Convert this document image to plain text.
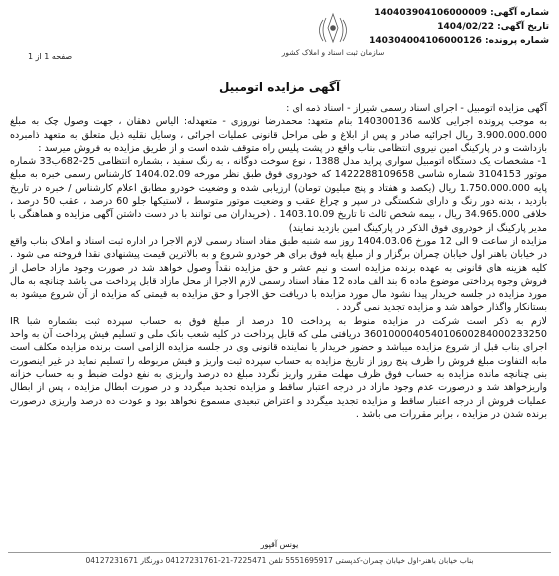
سازمان ثبت اسناد و املاک کشور
شماره آگهی: 140403904106000009
تاریخ آگهی: 1404/02/22
شماره پرونده: 140304004106000126
صفحه 1 از 1
آگهی مزایده اتومبیل

آگهی مزایده اتومبیل - اجرای اسناد رسمی شیراز - اسناد ذمه ای :

به موجب پرونده اجرایی کلاسه 140300136 بنام متعهد: محمدرضا نوروزی - متعهدله: الیاس دهقان ، جهت وصول چک به مبلغ 3.900.000.000 ریال اجرائیه صادر و پس از ابلاغ و طی مراحل قانونی عملیات اجرائی ، وسایل نقلیه ذیل متعلق به متعهد ذامبرده بازداشت و در پارکینگ امین نیروی انتظامی بناب واقع در پشت پلیس راه متوقف شده است و از طریق مزایده به فروش میرسد :

1- مشخصات یک دستگاه اتومبیل سواری پراید مدل 1388 ، نوع سوخت دوگانه ، به رنگ سفید ، بشماره انتظامی 25-682ب33 شماره موتور 3104153 شماره شاسی 1422288109658 که خودروی فوق طبق نظر مورخه 1404.02.09 کارشناس رسمی خبره به مبلغ پایه 1.750.000.000 ریال (یکصد و هفتاد و پنج میلیون تومان) ارزیابی شده و وضعیت خودرو مطابق اعلام کارشناس / خبره در تاریخ بازدید ، بدنه دور رنگ و دارای شکستگی در سپر و چراغ عقب و وضعیت موتور متوسط ، لاستیکها جلو 60 درصد ، عقب 50 درصد ، خلافی 34.965.000 ریال ، بیمه شخص ثالث تا تاریخ 1403.10.09 . (خریداران می توانند با در دست داشتن آگهی مزایده و هماهنگی با مدیر پارکینگ از خودروی فوق الذکر در پارکینگ امین بازدید نمایند)

مزایده از ساعت 9 الی 12 مورخ 1404.03.06 روز سه شنبه طبق مفاد اسناد رسمی لازم الاجرا در اداره ثبت اسناد و املاک بناب واقع در خیابان باهنر اول خیابان چمران برگزار و از مبلغ پایه فوق برای هر خودرو شروع و به بالاترین قیمت پیشنهادی نقدا فروخته می شود . کلیه هزینه های قانونی به عهده برنده مزایده است و نیم عشر و حق مزایده نقداً وصول خواهد شد در صورت وجود مازاد حاصل از فروش وجوه پرداختی موضوع ماده 6 بند الف ماده 12 مفاد اسناد رسمی لازم الاجرا از محل مازاد قابل پرداخت می باشد چنانچه به مال مورد مزایده در جلسه خریدار پیدا نشود مال مورد مزایده با دریافت حق الاجرا و حق مزایده به قیمتی که مزایده از آن شروع میشود به بستانکار واگذار خواهد شد و مزایده تجدید نمی گردد .

لازم به ذکر است شرکت در مزایده منوط به پرداخت 10 درصد از مبلغ فوق به حساب سپرده ثبت بشماره شبا IR 360100004054010600284000233250 دریافتی ملی که قابل پرداخت در کلیه شعب بانک ملی و تسلیم فیش پرداخت آن به واحد اجرای بناب قبل از شروع مزایده میباشد و حضور خریدار یا نماینده قانونی وی در جلسه مزایده الزامی است برنده مزایده مکلف است مابه التفاوت مبلغ فروش را ظرف پنج روز از تاریخ مزایده به حساب سپرده ثبت واریز و فیش مربوطه را تسلیم نماید در غیر اینصورت بنی چنانچه مانده مزایده به حساب فوق ظرف مهلت مقرر واریز نگردد مبلغ ده درصد واریزی به نفع دولت ضبط و به حساب خزانه واریزخواهد شد و درصورت عدم وجود مازاد در درجه اعتبار ساقط و مزایده تجدید میگردد و در صورت ابطال مزایده ، پس از ابطال عملیات فروش از درجه اعتبار ساقط و مزایده تجدید میگردد و اعتراض تبعیدی مسموع نخواهد بود و عودت ده درصد واریزی درصورت برنده شدن در مزایده ، برابر مقررات می باشد .

یونس آقپور
بناب خیابان باهنر-اول خیابان چمران-کدپستی 5551695917 تلفن 7225471-21-04127231761 دورنگار 04127231671
